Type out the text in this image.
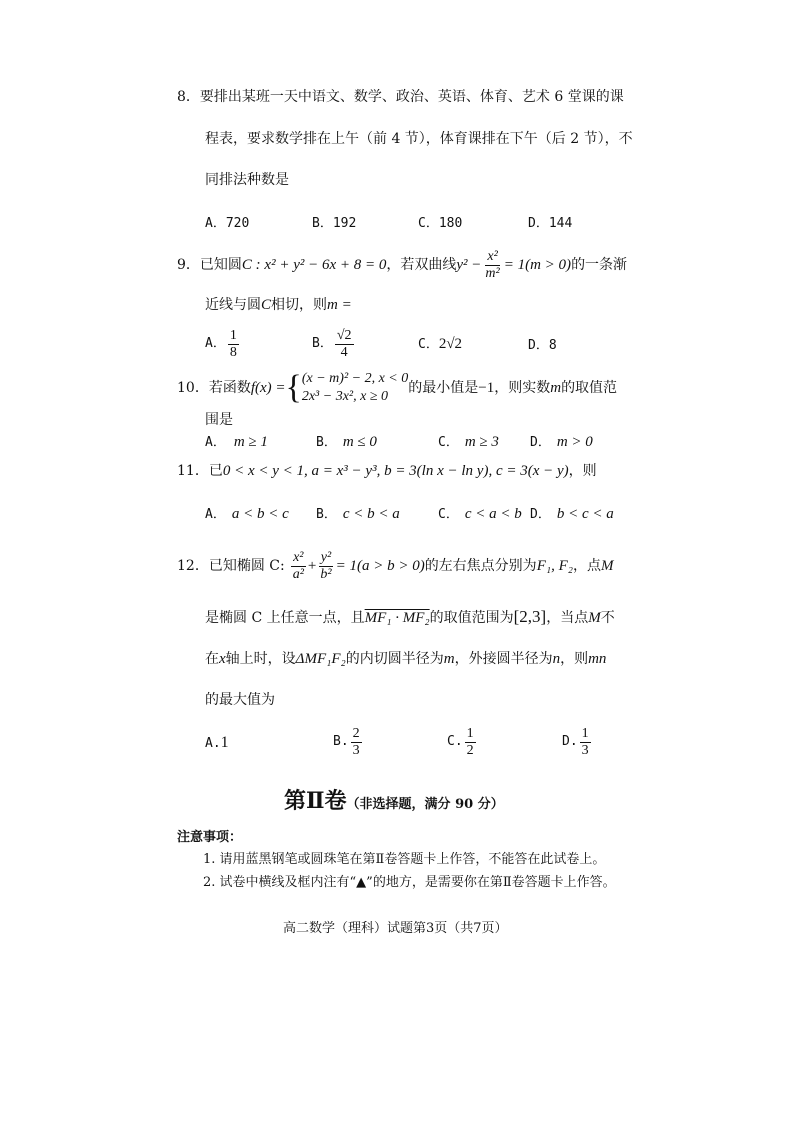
8．要排出某班一天中语文、数学、政治、英语、体育、艺术 6 堂课的课
程表，要求数学排在上午（前 4 节），体育课排在下午（后 2 节），不
同排法种数是
A．720	B．192	C．180	D．144
9．已知圆 C : x² + y² − 6x + 8 = 0 ，若双曲线 $y^2 - \frac{\text{x²}}{\text{m²}} = 1(m > 0)$ 的一条渐
近线与圆C相切，则m =
A． $\frac{1}{8}$	B． $\frac{√2}{4}$	C．2√2	D．8
10．若函数 f(x) = { (x − m)² − 2, x < 0
2x³ − 3x², x ≥ 0
的最小值是 −1 ，则实数 m 的取值范
围是
A． m ≥ 1	B． m ≤ 0	C． m ≥ 3 D． m > 0
11．已0 < x < y < 1, a = x³ − y³, b = 3(ln x − ln y), c = 3(x − y)，则
A． a < b < c B． c < b < a	C． c < a < b D． b < c < a
12．已知椭圆 C: $\frac{\text{x²}}{\text{a²}} + \frac{\text{y²}}{\text{b²}} = 1(a > b > 0)$ 的左右焦点分别为 F₁, F₂ ，点 M
是椭圆 C 上任意一点，且MF₁ · MF₂的取值范围为[2,3]，当点M不
在x轴上时，设ΔMF₁F₂的内切圆半径为m，外接圆半径为n，则mn
的最大值为
A.1	B. $\frac{2}{3}$	C. $\frac{1}{2}$	D. $\frac{1}{3}$
第Ⅱ卷（非选择题，满分 90 分）
注意事项：
1. 请用蓝黑钢笔或圆珠笔在第Ⅱ卷答题卡上作答，不能答在此试卷上。
2. 试卷中横线及框内注有“▲”的地方，是需要你在第Ⅱ卷答题卡上作答。
高二数学（理科）试题第3页（共7页）
